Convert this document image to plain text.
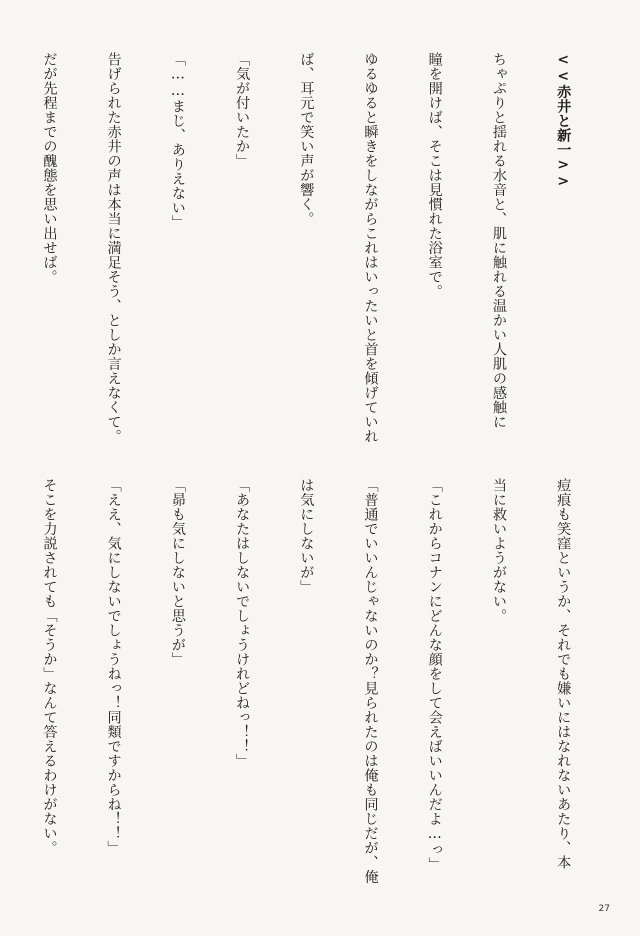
<<赤井と新一>>

ちゃぷりと揺れる水音と、肌に触れる温かい人肌の感触に

瞳を開けば、そこは見慣れた浴室で。

ゆるゆると瞬きをしながらこれはいったいと首を傾げていれ

ば、耳元で笑い声が響く。

「気が付いたか」

「……まじ、ありえない」

告げられた赤井の声は本当に満足そう、としか言えなくて。

だが先程までの醜態を思い出せば。

痘痕も笑窪というか、それでも嫌いにはなれないあたり、本

当に救いようがない。

「これからコナンにどんな顔をして会えばいいんだよ…っ」

「普通でいいんじゃないのか？見られたのは俺も同じだが、俺

は気にしないが」

「あなたはしないでしょうけれどねっ！！」

「昴も気にしないと思うが」

「ええ、気にしないでしょうねっ！同類ですからね！！」

そこを力説されても「そうか」なんて答えるわけがない。

27
